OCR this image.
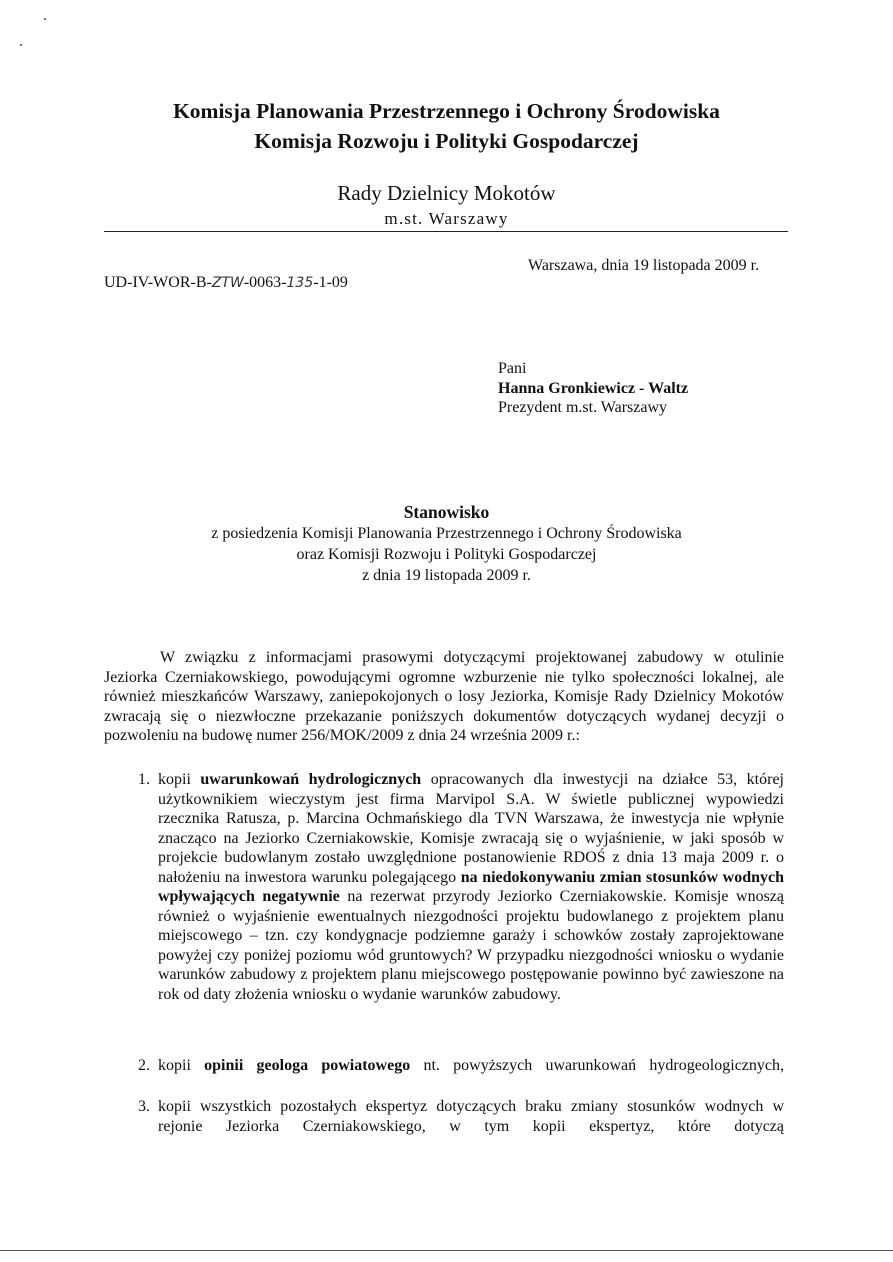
Komisja Planowania Przestrzennego i Ochrony Środowiska
Komisja Rozwoju i Polityki Gospodarczej
Rady Dzielnicy Mokotów
m.st. Warszawy
Warszawa, dnia 19 listopada 2009 r.
UD-IV-WOR-B-ZTW-0063-135-1-09
Pani
Hanna Gronkiewicz - Waltz
Prezydent m.st. Warszawy
Stanowisko
z posiedzenia Komisji Planowania Przestrzennego i Ochrony Środowiska
oraz Komisji Rozwoju i Polityki Gospodarczej
z dnia 19 listopada 2009 r.
W związku z informacjami prasowymi dotyczącymi projektowanej zabudowy w otulinie Jeziorka Czerniakowskiego, powodującymi ogromne wzburzenie nie tylko społeczności lokalnej, ale również mieszkańców Warszawy, zaniepokojonych o losy Jeziorka, Komisje Rady Dzielnicy Mokotów zwracają się o niezwłoczne przekazanie poniższych dokumentów dotyczących wydanej decyzji o pozwoleniu na budowę numer 256/MOK/2009 z dnia 24 września 2009 r.:
1. kopii uwarunkowań hydrologicznych opracowanych dla inwestycji na działce 53, której użytkownikiem wieczystym jest firma Marvipol S.A. W świetle publicznej wypowiedzi rzecznika Ratusza, p. Marcina Ochmańskiego dla TVN Warszawa, że inwestycja nie wpłynie znacząco na Jeziorko Czerniakowskie, Komisje zwracają się o wyjaśnienie, w jaki sposób w projekcie budowlanym zostało uwzględnione postanowienie RDOŚ z dnia 13 maja 2009 r. o nałożeniu na inwestora warunku polegającego na niedokonywaniu zmian stosunków wodnych wpływających negatywnie na rezerwat przyrody Jeziorko Czerniakowskie. Komisje wnoszą również o wyjaśnienie ewentualnych niezgodności projektu budowlanego z projektem planu miejscowego – tzn. czy kondygnacje podziemne garaży i schowków zostały zaprojektowane powyżej czy poniżej poziomu wód gruntowych? W przypadku niezgodności wniosku o wydanie warunków zabudowy z projektem planu miejscowego postępowanie powinno być zawieszone na rok od daty złożenia wniosku o wydanie warunków zabudowy.
2. kopii opinii geologa powiatowego nt. powyższych uwarunkowań hydrogeologicznych,
3. kopii wszystkich pozostałych ekspertyz dotyczących braku zmiany stosunków wodnych w rejonie Jeziorka Czerniakowskiego, w tym kopii ekspertyz, które dotyczą
